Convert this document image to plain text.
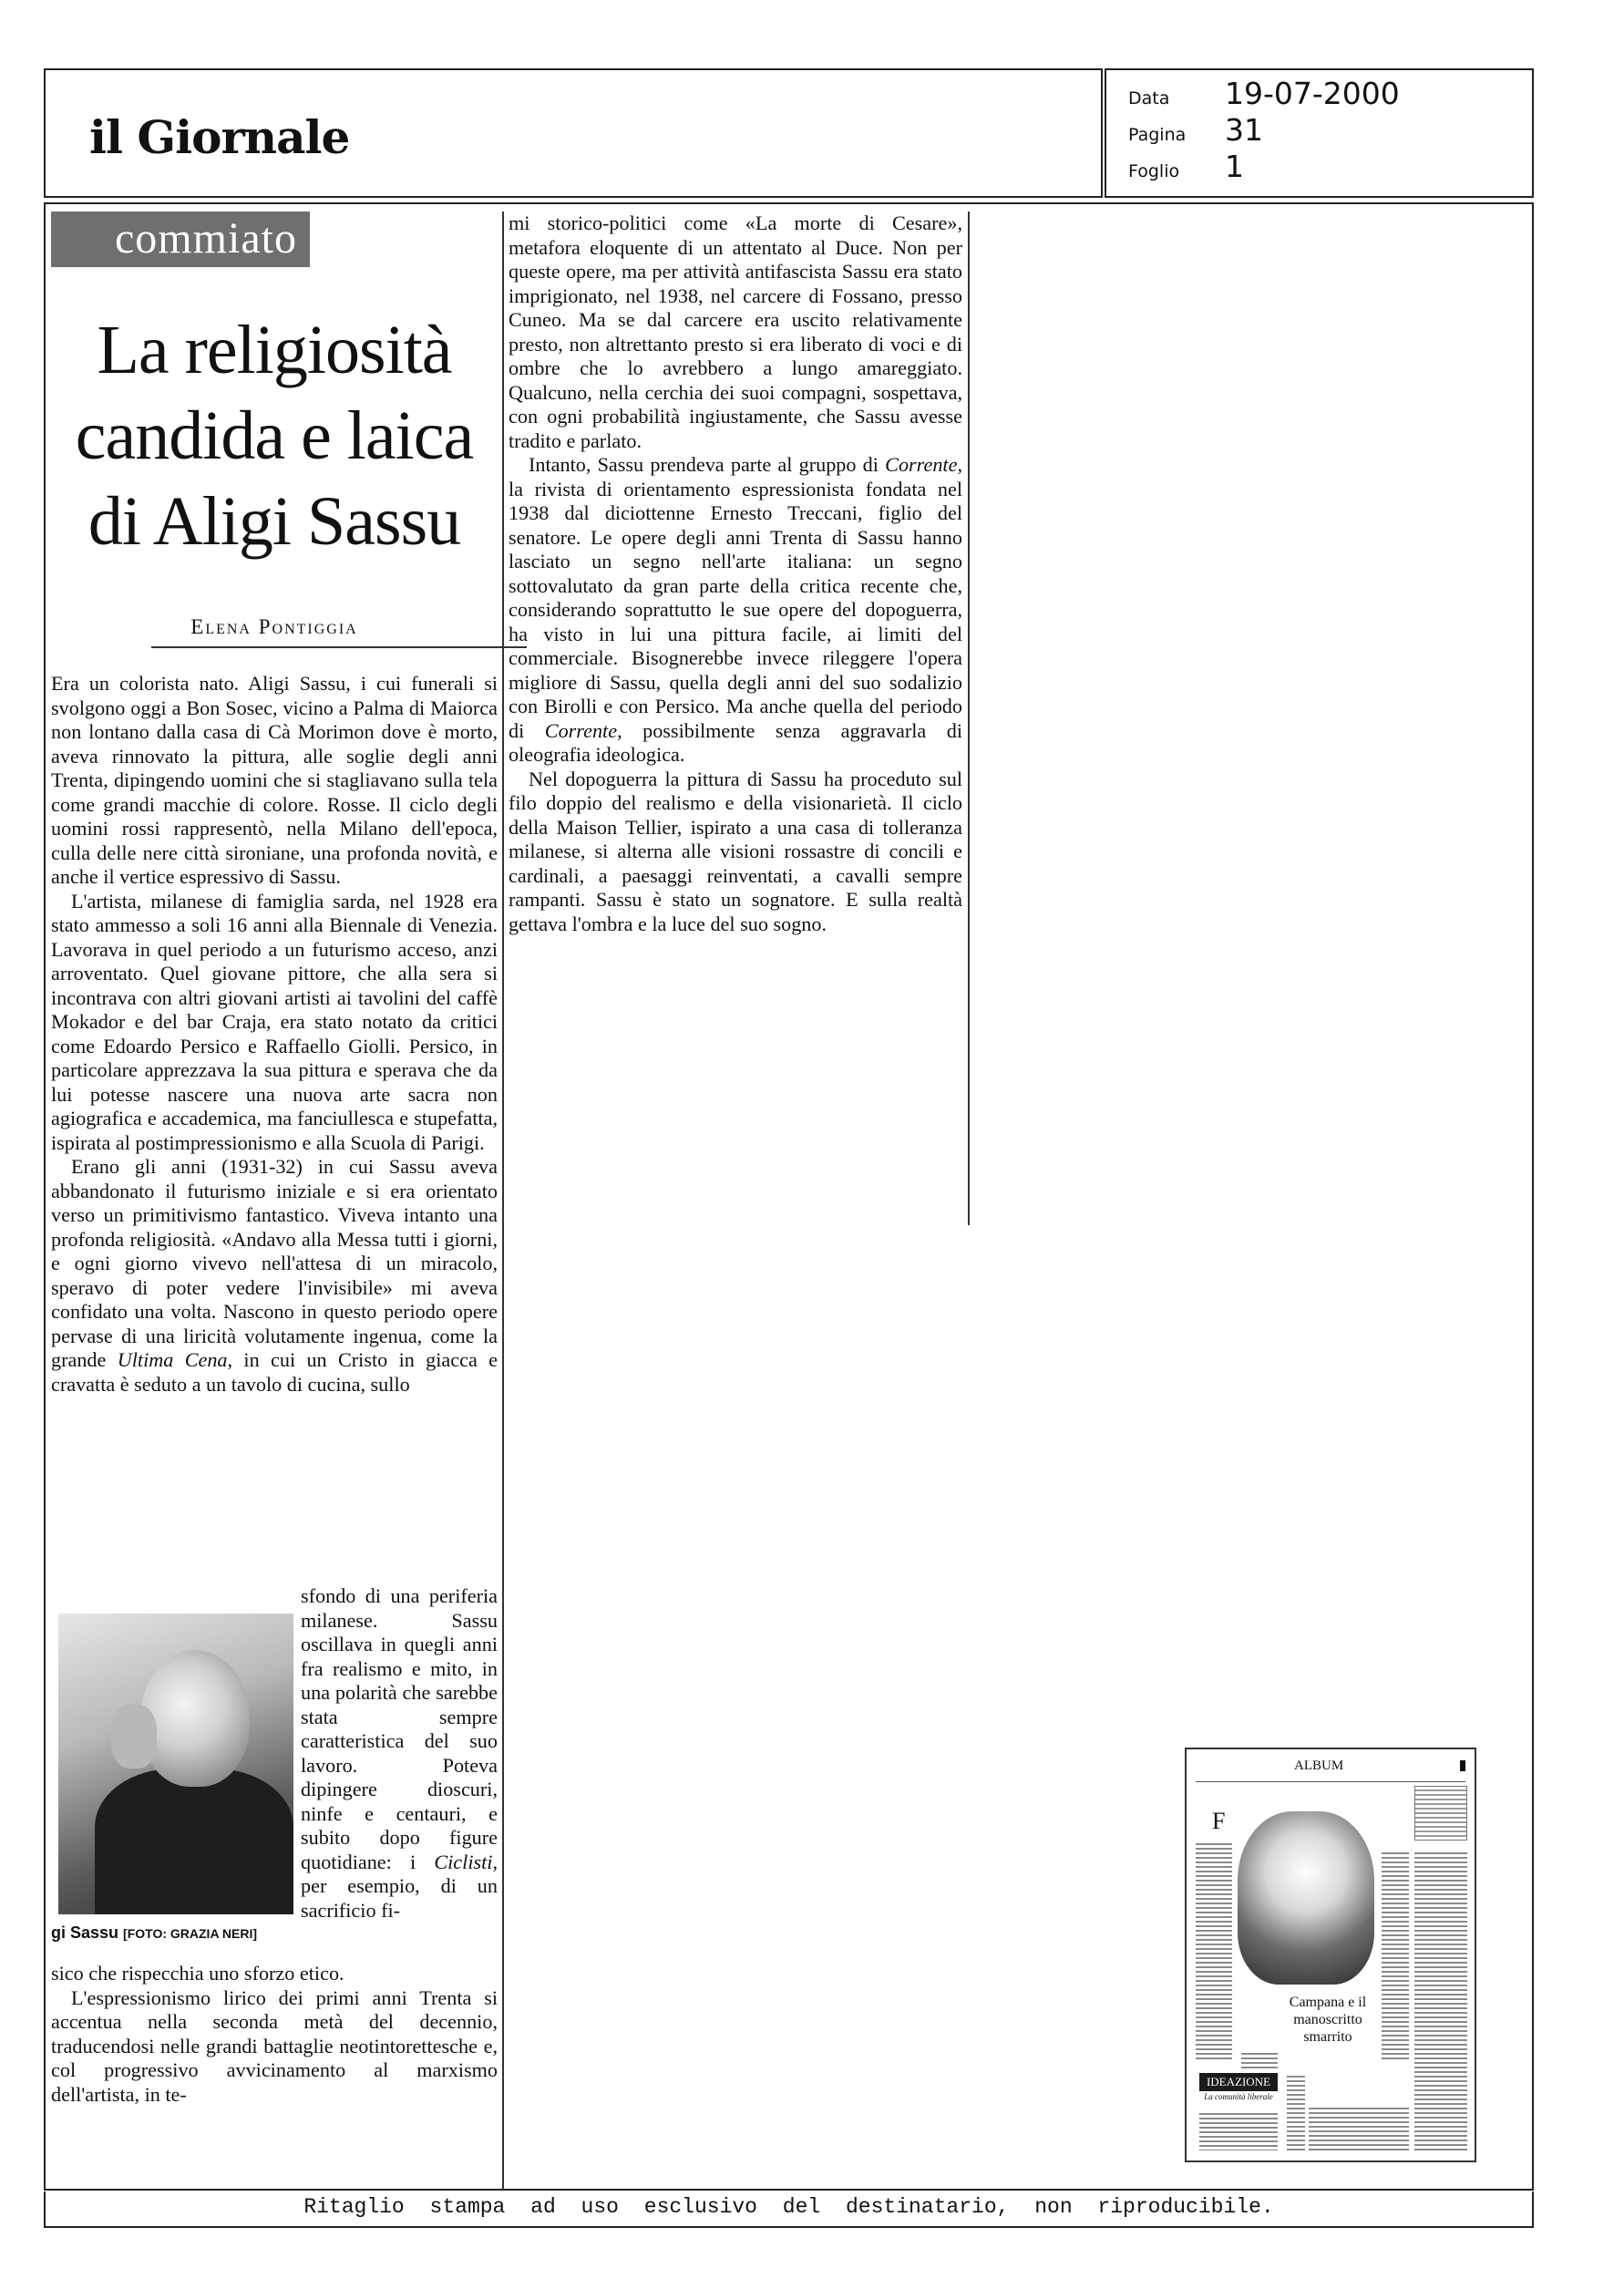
il Giornale
Data	19-07-2000
Pagina	31
Foglio	1
commiato
La religiosità
candida e laica
di Aligi Sassu
Elena Pontiggia

Era un colorista nato. Aligi Sassu, i cui funerali si svolgono oggi a Bon Sosec, vicino a Palma di Maiorca non lontano dalla casa di Cà Morimon dove è morto, aveva rinnovato la pittura, alle soglie degli anni Trenta, dipingendo uomini che si stagliavano sulla tela come grandi macchie di colore. Rosse. Il ciclo degli uomini rossi rappresentò, nella Milano dell'epoca, culla delle nere città sironiane, una profonda novità, e anche il vertice espressivo di Sassu.

L'artista, milanese di famiglia sarda, nel 1928 era stato ammesso a soli 16 anni alla Biennale di Venezia. Lavorava in quel periodo a un futurismo acceso, anzi arroventato. Quel giovane pittore, che alla sera si incontrava con altri giovani artisti ai tavolini del caffè Mokador e del bar Craja, era stato notato da critici come Edoardo Persico e Raffaello Giolli. Persico, in particolare apprezzava la sua pittura e sperava che da lui potesse nascere una nuova arte sacra non agiografica e accademica, ma fanciullesca e stupefatta, ispirata al postimpressionismo e alla Scuola di Parigi.

Erano gli anni (1931-32) in cui Sassu aveva abbandonato il futurismo iniziale e si era orientato verso un primitivismo fantastico. Viveva intanto una profonda religiosità. «Andavo alla Messa tutti i giorni, e ogni giorno vivevo nell'attesa di un miracolo, speravo di poter vedere l'invisibile» mi aveva confidato una volta. Nascono in questo periodo opere pervase di una liricità volutamente ingenua, come la grande Ultima Cena, in cui un Cristo in giacca e cravatta è seduto a un tavolo di cucina, sullo

gi Sassu [FOTO: GRAZIA NERI]

sfondo di una periferia milanese. Sassu oscillava in quegli anni fra realismo e mito, in una polarità che sarebbe stata sempre caratteristica del suo lavoro. Poteva dipingere dioscuri, ninfe e centauri, e subito dopo figure quotidiane: i Ciclisti, per esempio, di un sacrificio fi-

sico che rispecchia uno sforzo etico.

L'espressionismo lirico dei primi anni Trenta si accentua nella seconda metà del decennio, traducendosi nelle grandi battaglie neotintorettesche e, col progressivo avvicinamento al marxismo dell'artista, in te-

mi storico-politici come «La morte di Cesare», metafora eloquente di un attentato al Duce. Non per queste opere, ma per attività antifascista Sassu era stato imprigionato, nel 1938, nel carcere di Fossano, presso Cuneo. Ma se dal carcere era uscito relativamente presto, non altrettanto presto si era liberato di voci e di ombre che lo avrebbero a lungo amareggiato. Qualcuno, nella cerchia dei suoi compagni, sospettava, con ogni probabilità ingiustamente, che Sassu avesse tradito e parlato.

Intanto, Sassu prendeva parte al gruppo di Corrente, la rivista di orientamento espressionista fondata nel 1938 dal diciottenne Ernesto Treccani, figlio del senatore. Le opere degli anni Trenta di Sassu hanno lasciato un segno nell'arte italiana: un segno sottovalutato da gran parte della critica recente che, considerando soprattutto le sue opere del dopoguerra, ha visto in lui una pittura facile, ai limiti del commerciale. Bisognerebbe invece rileggere l'opera migliore di Sassu, quella degli anni del suo sodalizio con Birolli e con Persico. Ma anche quella del periodo di Corrente, possibilmente senza aggravarla di oleografia ideologica.

Nel dopoguerra la pittura di Sassu ha proceduto sul filo doppio del realismo e della visionarietà. Il ciclo della Maison Tellier, ispirato a una casa di tolleranza milanese, si alterna alle visioni rossastre di concili e cardinali, a paesaggi reinventati, a cavalli sempre rampanti. Sassu è stato un sognatore. E sulla realtà gettava l'ombra e la luce del suo sogno.

ALBUM
F
Campana e il manoscritto smarrito
IDEAZIONE
La comunità liberale
Ritaglio stampa ad uso esclusivo del destinatario, non riproducibile.
